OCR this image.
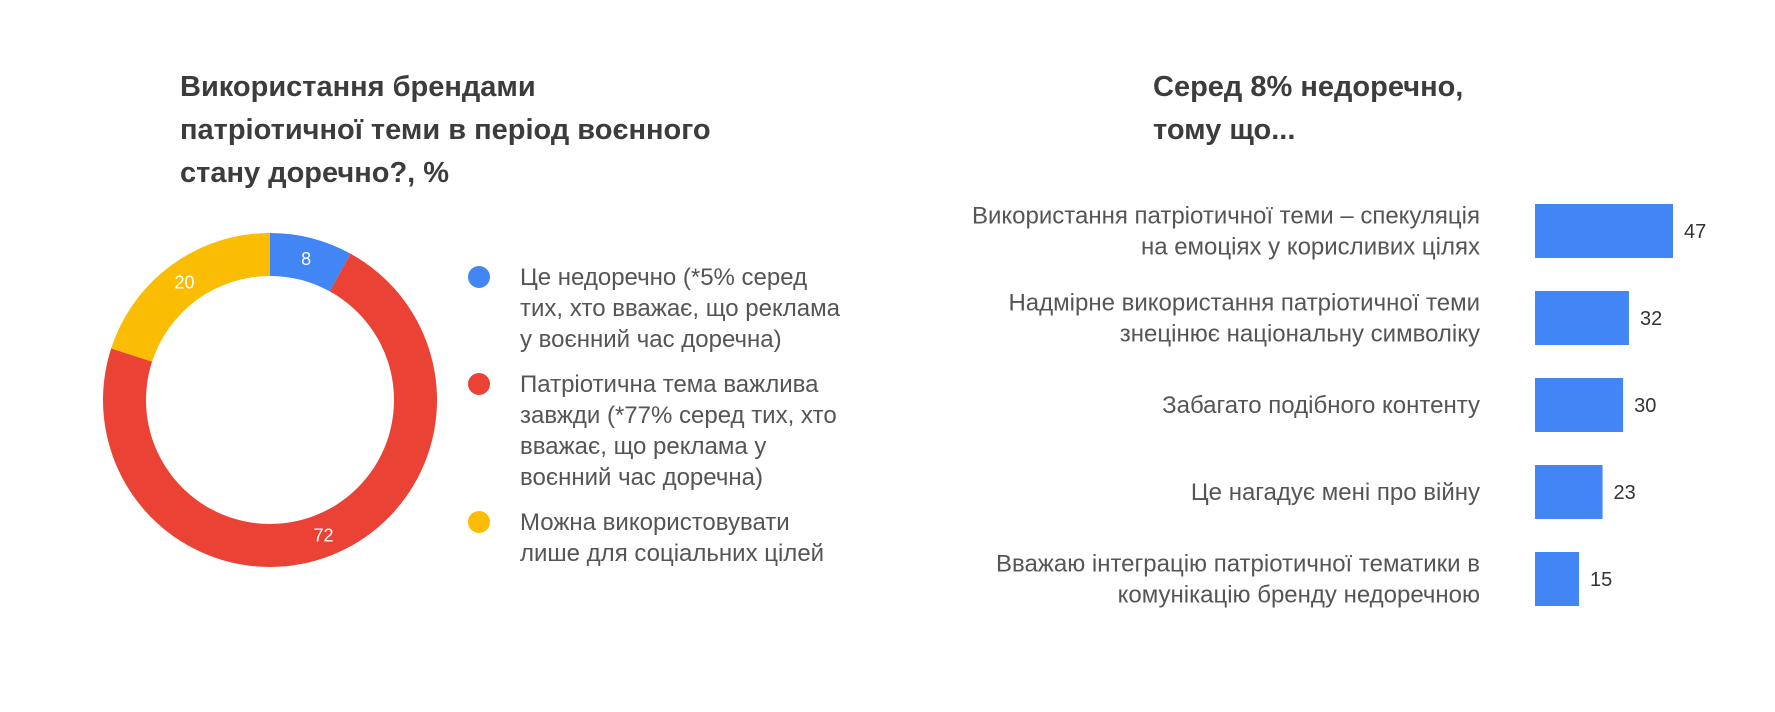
Використання брендами
патріотичної теми в період воєнного
стану доречно?, %
Серед 8% недоречно,
тому що...
8
72
20	Це недоречно (*5% серед
тих, хто вважає, що реклама
у воєнний час доречна)
Патріотична тема важлива
завжди (*77% серед тих, хто
вважає, що реклама у
воєнний час доречна)
Можна використовувати
лише для соціальних цілей
Використання патріотичної теми – спекуляція
на емоціях у корисливих цілях
47
Надмірне використання патріотичної теми
знецінює національну символіку
32
Забагато подібного контенту	30
Це нагадує мені про війну	23
Вважаю інтеграцію патріотичної тематики в
комунікацію бренду недоречною
15
